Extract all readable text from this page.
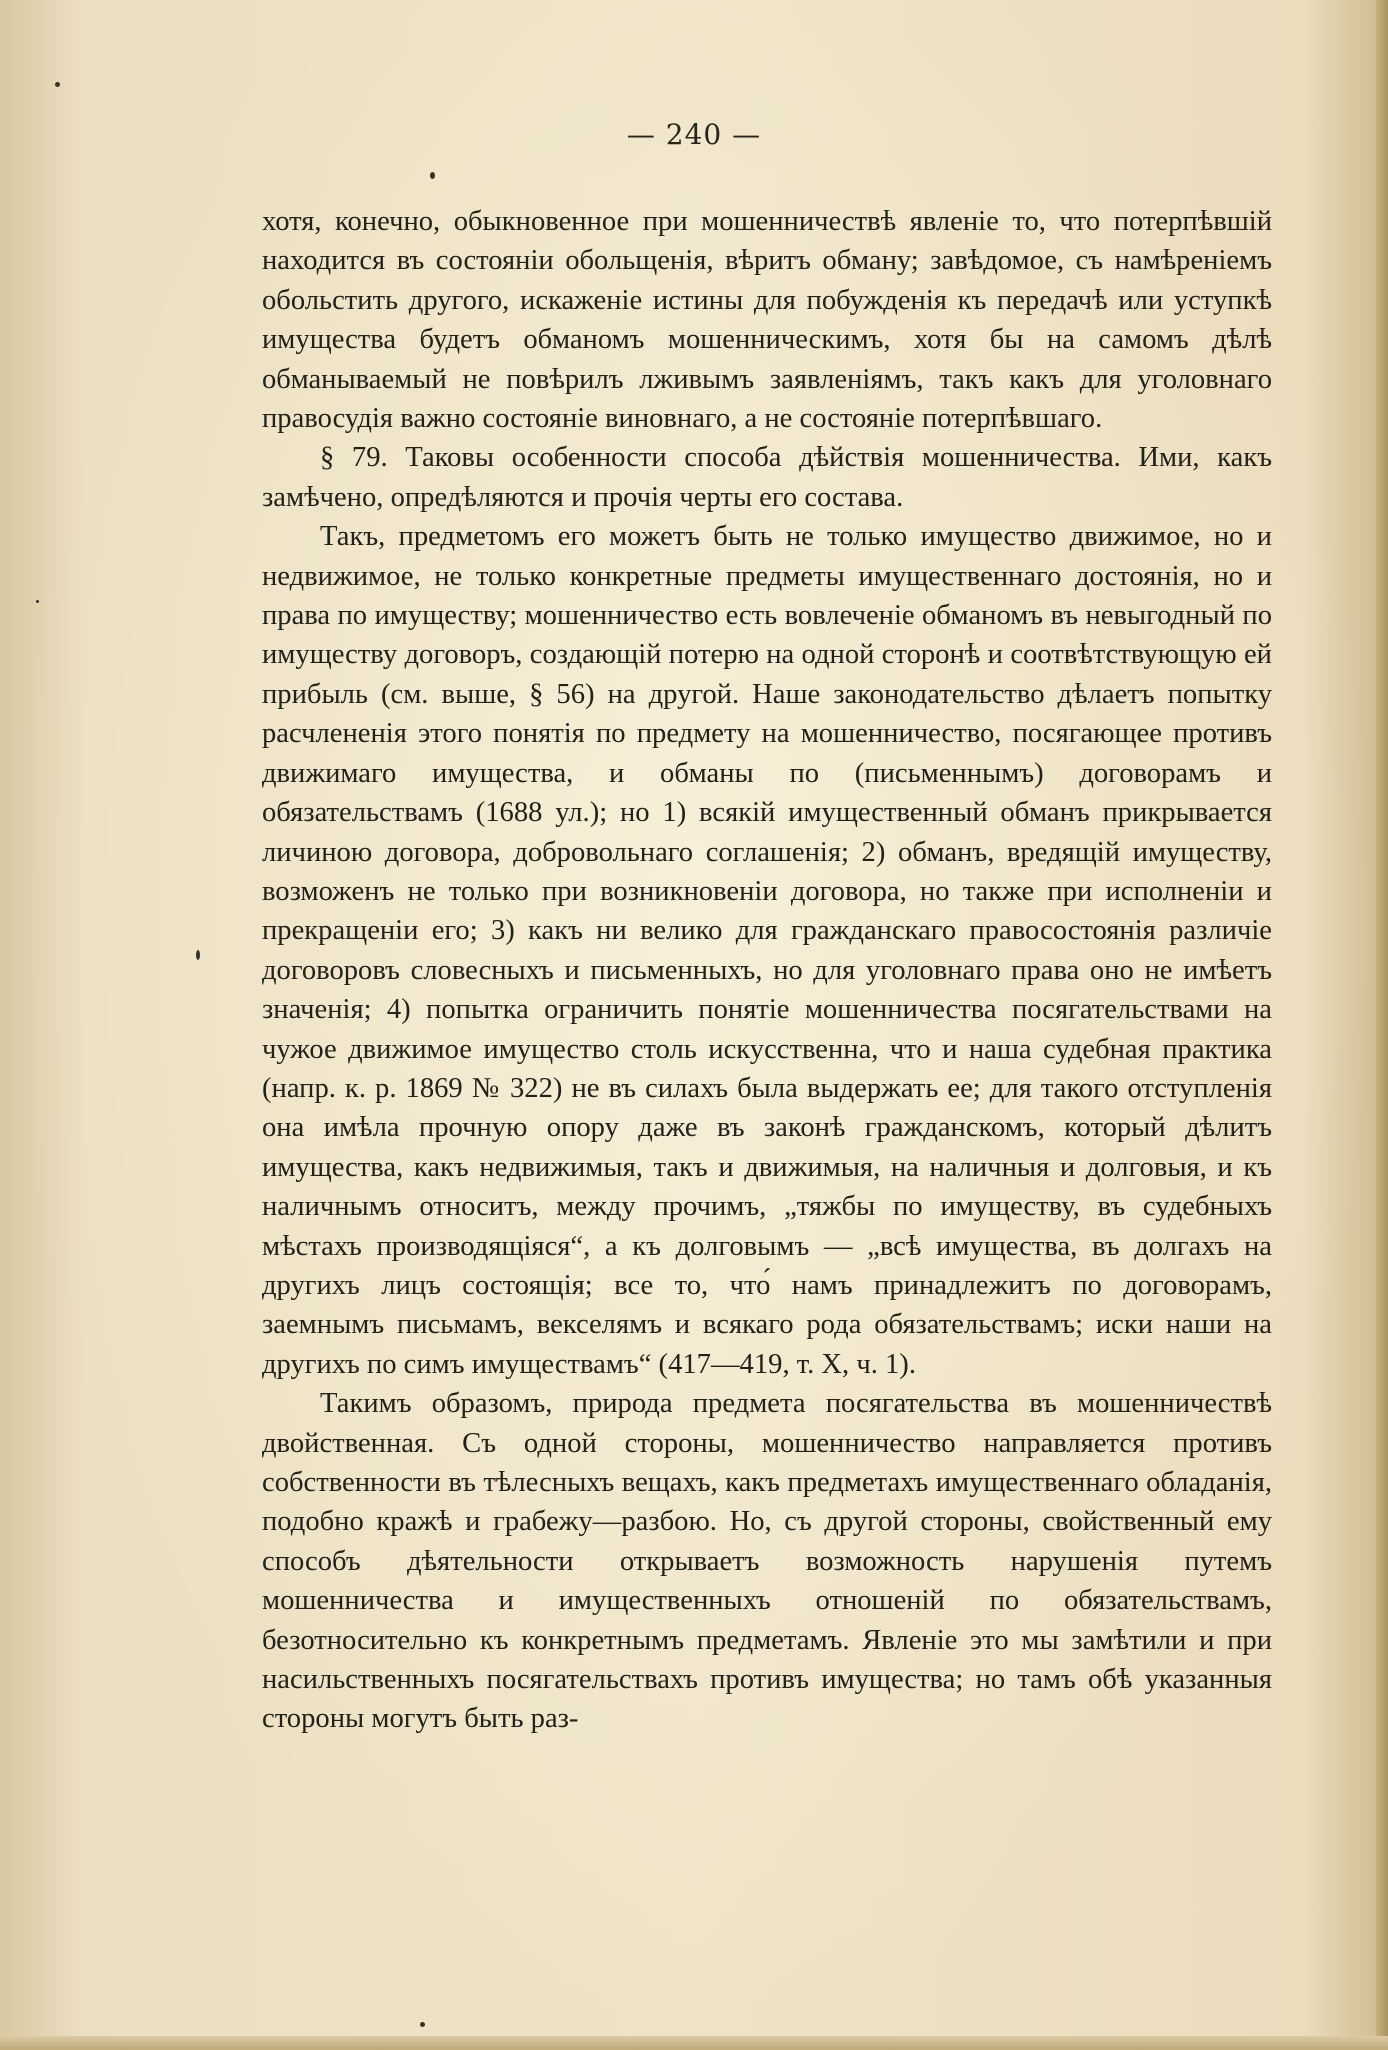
— 240 —

хотя, конечно, обыкновенное при мошенничествѣ явленіе то, что потерпѣвшій находится въ состояніи обольщенія, вѣритъ обману; завѣдомое, съ намѣреніемъ обольстить другого, искаженіе истины для побужденія къ передачѣ или уступкѣ имущества будетъ обманомъ мошенническимъ, хотя бы на самомъ дѣлѣ обманываемый не повѣрилъ лживымъ заявленіямъ, такъ какъ для уголовнаго правосудія важно состояніе виновнаго, а не состояніе потерпѣвшаго.

§ 79. Таковы особенности способа дѣйствія мошенничества. Ими, какъ замѣчено, опредѣляются и прочія черты его состава.

Такъ, предметомъ его можетъ быть не только имущество движимое, но и недвижимое, не только конкретные предметы имущественнаго достоянія, но и права по имуществу; мошенничество есть вовлеченіе обманомъ въ невыгодный по имуществу договоръ, создающій потерю на одной сторонѣ и соотвѣтствующую ей прибыль (см. выше, § 56) на другой. Наше законодательство дѣлаетъ попытку расчлененія этого понятія по предмету на мошенничество, посягающее противъ движимаго имущества, и обманы по (письменнымъ) договорамъ и обязательствамъ (1688 ул.); но 1) всякій имущественный обманъ прикрывается личиною договора, добровольнаго соглашенія; 2) обманъ, вредящій имуществу, возможенъ не только при возникновеніи договора, но также при исполненіи и прекращеніи его; 3) какъ ни велико для гражданскаго правосостоянія различіе договоровъ словесныхъ и письменныхъ, но для уголовнаго права оно не имѣетъ значенія; 4) попытка ограничить понятіе мошенничества посягательствами на чужое движимое имущество столь искусственна, что и наша судебная практика (напр. к. р. 1869 № 322) не въ силахъ была выдержать ее; для такого отступленія она имѣла прочную опору даже въ законѣ гражданскомъ, который дѣлитъ имущества, какъ недвижимыя, такъ и движимыя, на наличныя и долговыя, и къ наличнымъ относитъ, между прочимъ, „тяжбы по имуществу, въ судебныхъ мѣстахъ производящіяся“, а къ долговымъ — „всѣ имущества, въ долгахъ на другихъ лицъ состоящія; все то, что́ намъ принадлежитъ по договорамъ, заемнымъ письмамъ, векселямъ и всякаго рода обязательствамъ; иски наши на другихъ по симъ имуществамъ“ (417—419, т. X, ч. 1).

Такимъ образомъ, природа предмета посягательства въ мошенничествѣ двойственная. Съ одной стороны, мошенничество направляется противъ собственности въ тѣлесныхъ вещахъ, какъ предметахъ имущественнаго обладанія, подобно кражѣ и грабежу—разбою. Но, съ другой стороны, свойственный ему способъ дѣятельности открываетъ возможность нарушенія путемъ мошенничества и имущественныхъ отношеній по обязательствамъ, безотносительно къ конкретнымъ предметамъ. Явленіе это мы замѣтили и при насильственныхъ посягательствахъ противъ имущества; но тамъ обѣ указанныя стороны могутъ быть раз-
